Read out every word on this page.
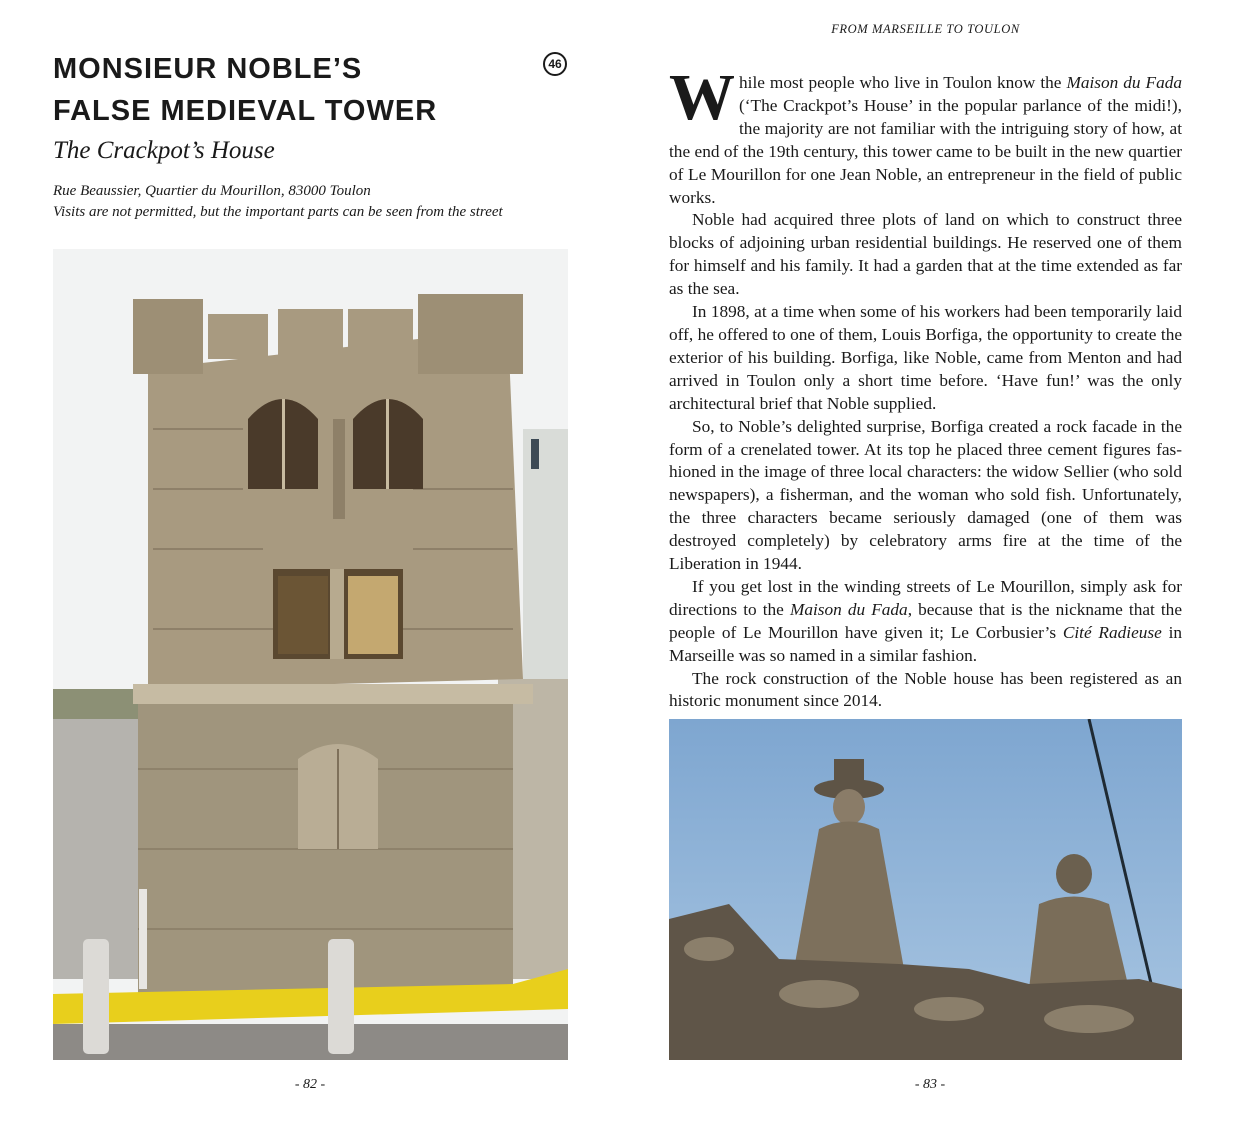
MONSIEUR NOBLE’S
FALSE MEDIEVAL TOWER
46
The Crackpot’s House
Rue Beaussier, Quartier du Mourillon, 83000 Toulon
Visits are not permitted, but the important parts can be seen from the street
- 82 -
FROM MARSEILLE TO TOULON

While most people who live in Toulon know the Maison du Fada (‘The Crackpot’s House’ in the popular parlance of the midi!), the majority are not familiar with the intriguing story of how, at the end of the 19th century, this tower came to be built in the new quartier of Le Mourillon for one Jean Noble, an entrepreneur in the field of public works.

Noble had acquired three plots of land on which to construct three blocks of adjoining urban residential buildings. He reserved one of them for himself and his family. It had a garden that at the time extended as far as the sea.

In 1898, at a time when some of his workers had been temporarily laid off, he offered to one of them, Louis Borfiga, the opportunity to create the exterior of his building. Borfiga, like Noble, came from Menton and had arrived in Toulon only a short time before. ‘Have fun!’ was the only architectural brief that Noble supplied.

So, to Noble’s delighted surprise, Borfiga created a rock facade in the form of a crenelated tower. At its top he placed three cement figures fashioned in the image of three local characters: the widow Sellier (who sold newspapers), a fisherman, and the woman who sold fish. Unfortunately, the three characters became seriously damaged (one of them was destroyed completely) by celebratory arms fire at the time of the Liberation in 1944.

If you get lost in the winding streets of Le Mourillon, simply ask for directions to the Maison du Fada, because that is the nickname that the people of Le Mourillon have given it; Le Corbusier’s Cité Radieuse in Marseille was so named in a similar fashion.

The rock construction of the Noble house has been registered as an historic monument since 2014.

- 83 -
